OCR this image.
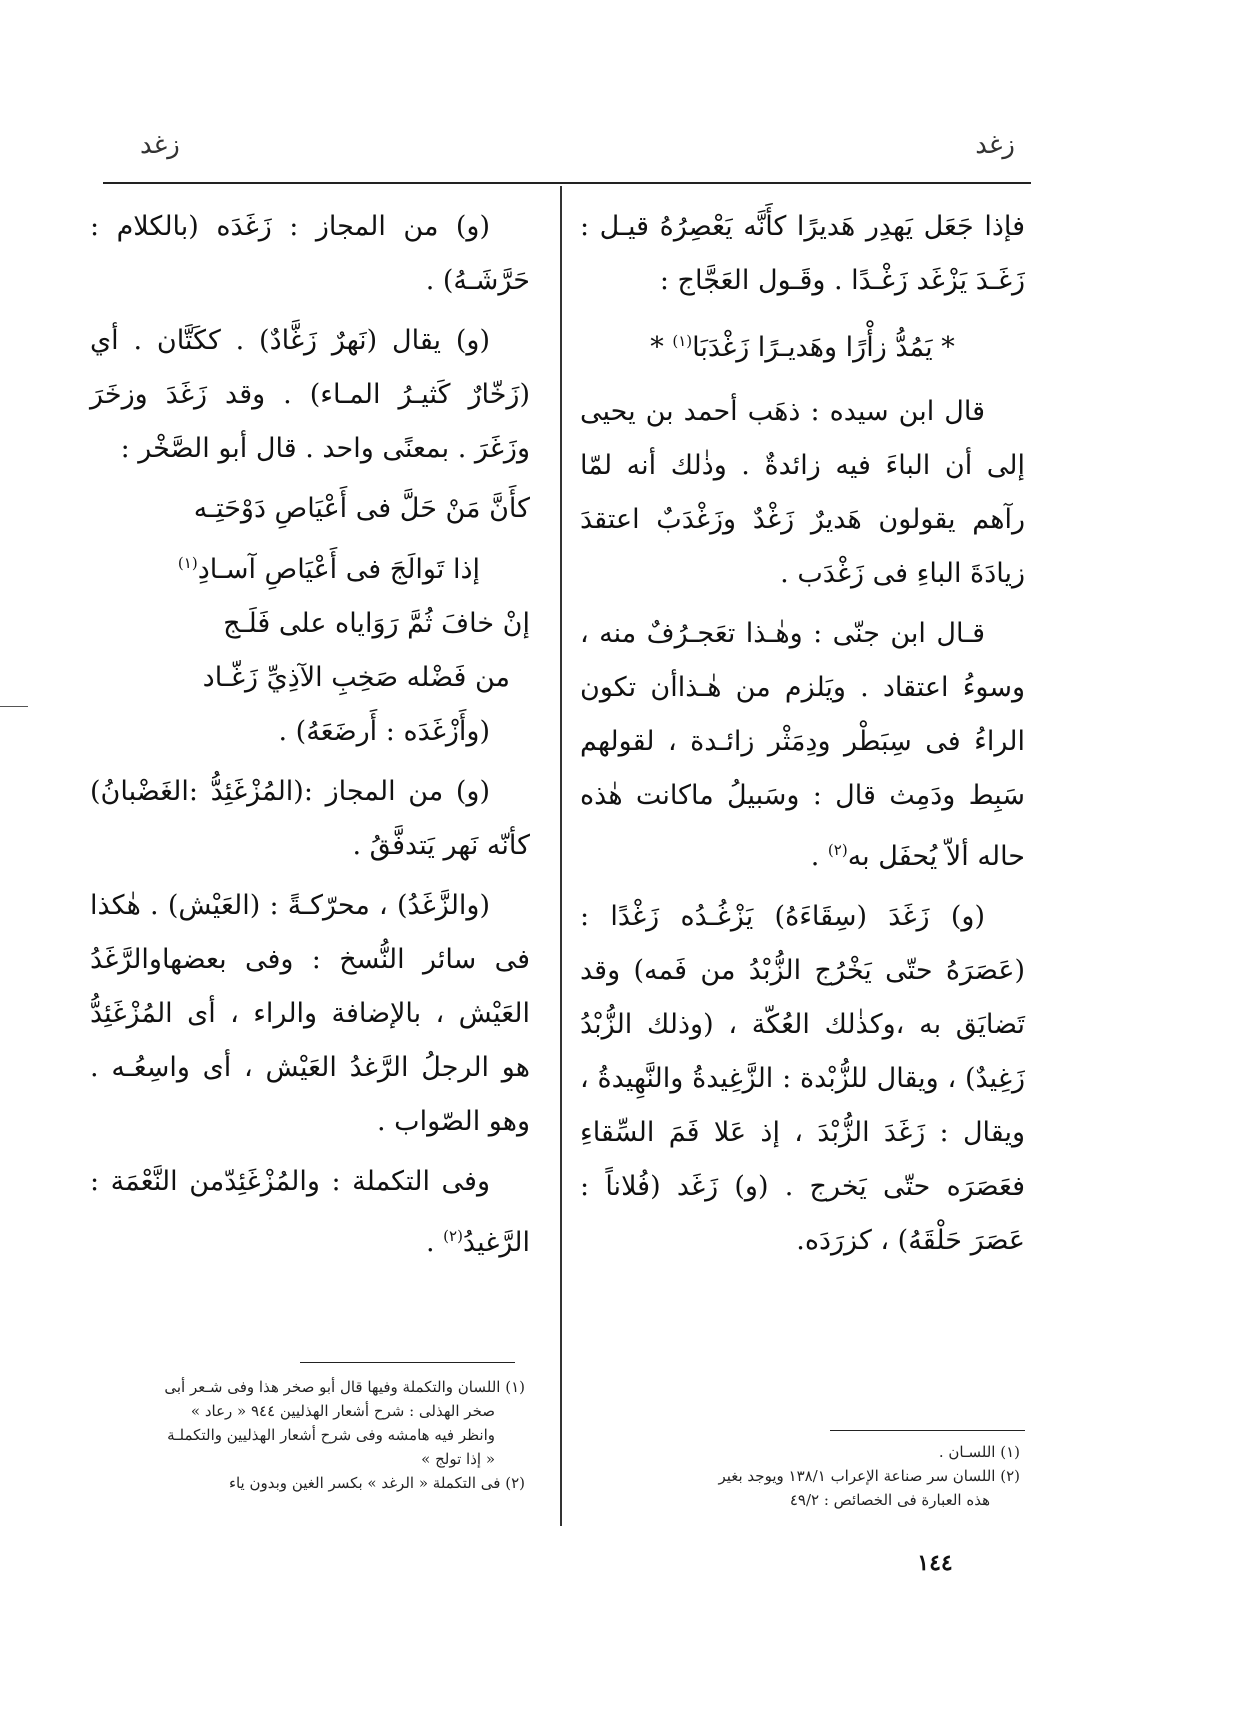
زغد
زغد

فإذا جَعَل يَهدِر هَديرًا كأَنَّه يَعْصِرُهُ قيـل : زَغَـدَ يَزْغَد زَغْـدًا . وقَـول العَجَّاج :

* يَمُدُّ زأْرًا وهَديـرًا زَغْدَبَا$^{(١)}$ *

قال ابن سيده : ذهَب أحمد بن يحيى إلى أن الباءَ فيه زائدةٌ . وذٰلك أنه لمّا رآهم يقولون هَديرٌ زَغْدٌ وزَغْدَبٌ اعتقدَ زيادَةَ الباءِ فى زَغْدَب .

قـال ابن جنّى : وهٰـذا تعَجـرُفٌ منه ، وسوءُ اعتقاد . ويَلزم من هٰـذاأن تكون الراءُ فى سِبَطْر ودِمَثْر زائـدة ، لقولهم سَبِط ودَمِث قال : وسَبيلُ ماكانت هٰذه حاله ألاّ يُحفَل به$^{(٢)}$ .

(و) زَغَدَ (سِقَاءَهُ) يَزْغُـدُه زَغْدًا : (عَصَرَهُ حتّى يَخْرُج الزُّبْدُ من فَمه) وقد تَضايَق به ،وكذٰلك العُكّة ، (وذلك الزُّبْدُ زَغِيدٌ) ، ويقال للزُّبْدة : الزَّغِيدةُ والنَّهِيدةُ ، ويقال : زَغَدَ الزُّبْدَ ، إذ عَلا فَمَ السِّقاءِ فعَصَرَه حتّى يَخرج . (و) زَغَد (فُلاناً : عَصَرَ حَلْقَهُ) ، كزرَدَه.

(و) من المجاز : زَغَدَه (بالكلام : حَرَّشَـهُ) .

(و) يقال (نَهرٌ زَغَّادٌ) . ككَتَّان . أي (زَخّارٌ كَثيـرُ المـاء) . وقد زَغَدَ وزخَرَ وزَغَرَ . بمعنًى واحد . قال أبو الصَّخْر :

كأَنَّ مَنْ حَلَّ فى أَعْيَاصِ دَوْحَتِـه

إذا تَوالَجَ فى أَعْيَاصِ آسـادِ$^{(١)}$

إنْ خافَ ثُمَّ رَوَاياه على فَلَـج

من فَضْله صَخِبِ الآذِيِّ زَغّـاد

(وأَزْغَدَه : أَرضَعَهُ) .

(و) من المجاز :(المُزْغَئِدُّ :الغَضْبانُ) كأنّه نَهر يَتدفَّقُ .

(والزَّغَدُ) ، محرّكـةً : (العَيْش) . هٰكذا فى سائر النُّسخ : وفى بعضهاوالرَّغَدُ العَيْش ، بالإضافة والراء ، أى المُزْغَئِدُّ هو الرجلُ الرَّغدُ العَيْش ، أى واسِعُـه . وهو الصّواب .

وفى التكملة : والمُزْغَئِدّمن النَّعْمَة : الرَّغيدُ$^{(٢)}$ .

(١) اللسـان .

(٢) اللسان سر صناعة الإعراب ١٣٨/١ ويوجد بغير

هذه العبارة فى الخصائص : ٤٩/٢

(١) اللسان والتكملة وفيها قال أبو صخر هذا وفى شـعر أبى

صخر الهذلى : شرح أشعار الهذليين ٩٤٤ « رعاد »

وانظر فيه هامشه وفى شرح أشعار الهذليين والتكملـة

« إذا تولج »

(٢) فى التكملة « الرغد » بكسر الغين وبدون ياء

١٤٤
